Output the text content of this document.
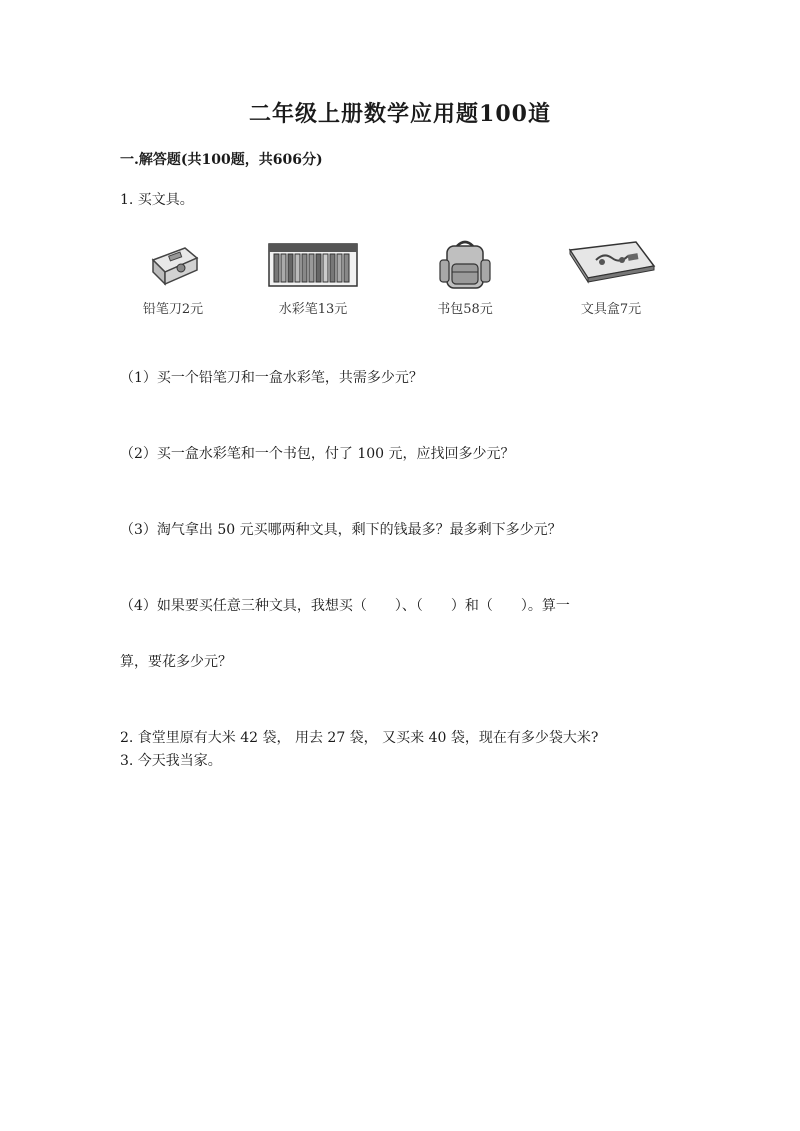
二年级上册数学应用题100道
一.解答题(共100题，共606分)
1. 买文具。
铅笔刀2元	水彩笔13元	书包58元	文具盒7元
（1）买一个铅笔刀和一盒水彩笔，共需多少元？
（2）买一盒水彩笔和一个书包，付了 100 元，应找回多少元？
（3）淘气拿出 50 元买哪两种文具，剩下的钱最多？最多剩下多少元？
（4）如果要买任意三种文具，我想买（　　）、（　　）和（　　）。算一
算，要花多少元？
2. 食堂里原有大米 42 袋， 用去 27 袋， 又买来 40 袋，现在有多少袋大米?
3. 今天我当家。
